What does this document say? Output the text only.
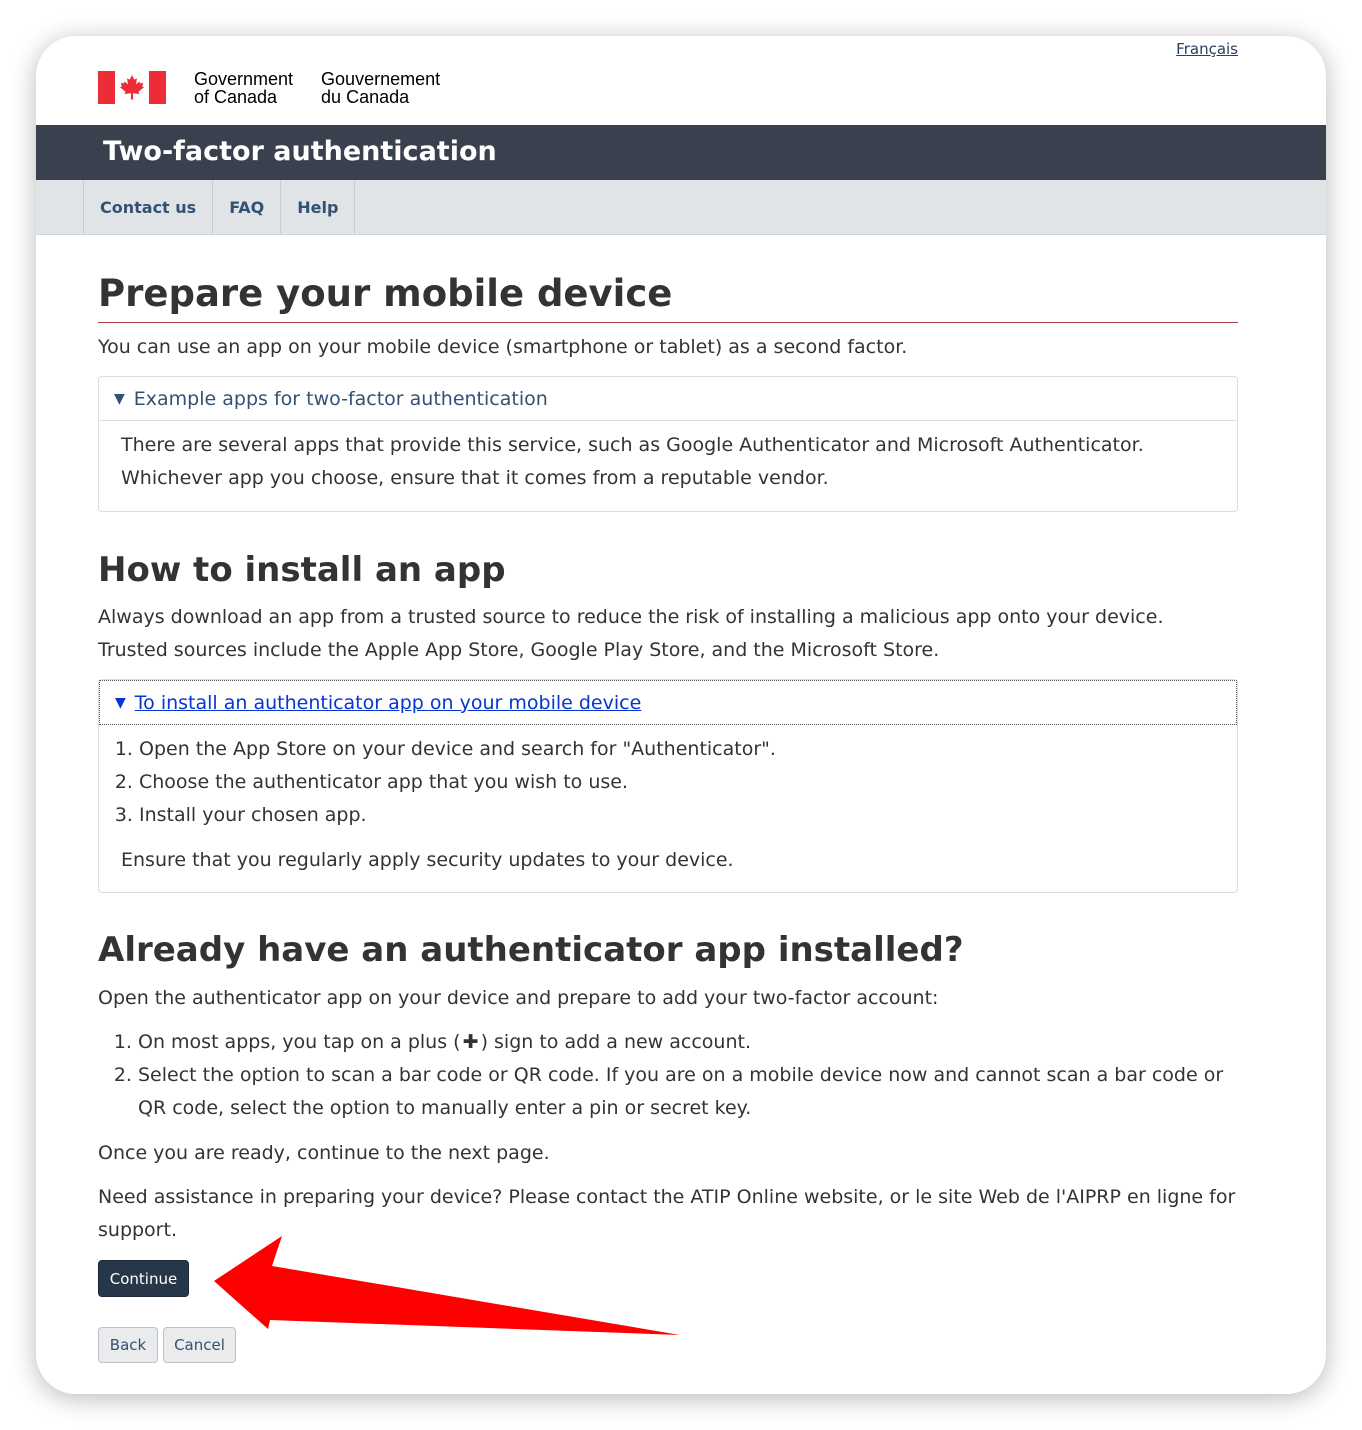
Français
Government
of Canada
Gouvernement
du Canada
Two-factor authentication
Contact us	FAQ	Help
Prepare your mobile device

You can use an app on your mobile device (smartphone or tablet) as a second factor.

▼ Example apps for two-factor authentication

There are several apps that provide this service, such as Google Authenticator and Microsoft Authenticator. Whichever app you choose, ensure that it comes from a reputable vendor.

How to install an app

Always download an app from a trusted source to reduce the risk of installing a malicious app onto your device. Trusted sources include the Apple App Store, Google Play Store, and the Microsoft Store.

▼ To install an authenticator app on your mobile device
1. Open the App Store on your device and search for "Authenticator".
2. Choose the authenticator app that you wish to use.
3. Install your chosen app.

Ensure that you regularly apply security updates to your device.

Already have an authenticator app installed?

Open the authenticator app on your device and prepare to add your two-factor account:

1. On most apps, you tap on a plus ( ✚ ) sign to add a new account.
2. Select the option to scan a bar code or QR code. If you are on a mobile device now and cannot scan a bar code or QR code, select the option to manually enter a pin or secret key.

Once you are ready, continue to the next page.

Need assistance in preparing your device? Please contact the ATIP Online website, or le site Web de l'AIPRP en ligne for support.

Continue
Back	Cancel
